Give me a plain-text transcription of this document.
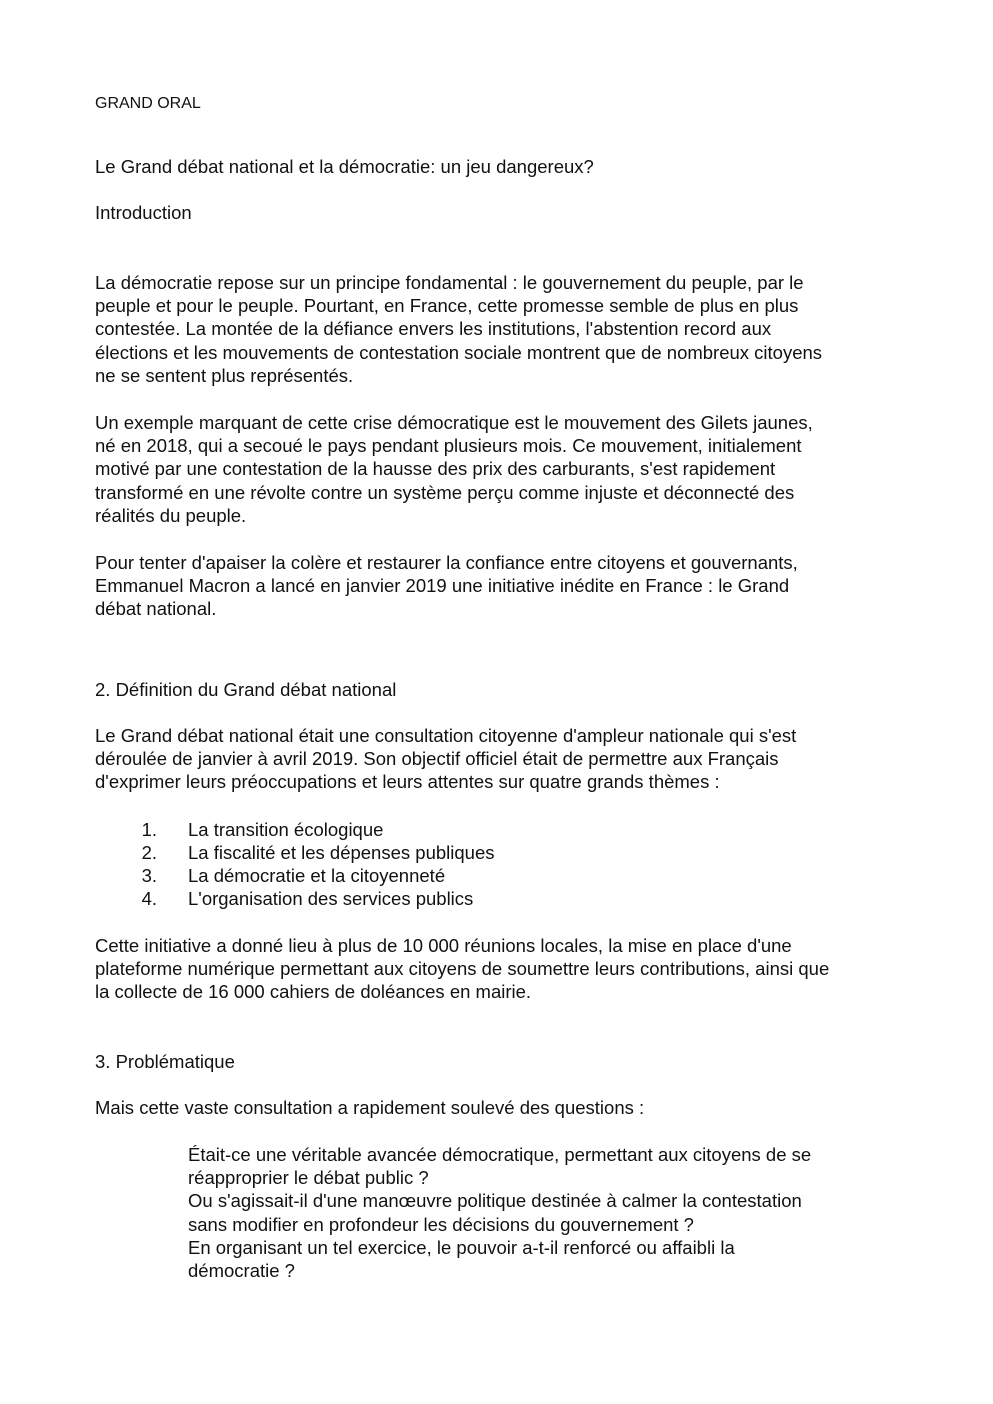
GRAND ORAL
Le Grand débat national et la démocratie: un jeu dangereux?
Introduction
La démocratie repose sur un principe fondamental : le gouvernement du peuple, par le
peuple et pour le peuple. Pourtant, en France, cette promesse semble de plus en plus
contestée. La montée de la défiance envers les institutions, l'abstention record aux
élections et les mouvements de contestation sociale montrent que de nombreux citoyens
ne se sentent plus représentés.
Un exemple marquant de cette crise démocratique est le mouvement des Gilets jaunes,
né en 2018, qui a secoué le pays pendant plusieurs mois. Ce mouvement, initialement
motivé par une contestation de la hausse des prix des carburants, s'est rapidement
transformé en une révolte contre un système perçu comme injuste et déconnecté des
réalités du peuple.
Pour tenter d'apaiser la colère et restaurer la confiance entre citoyens et gouvernants,
Emmanuel Macron a lancé en janvier 2019 une initiative inédite en France : le Grand
débat national.
2. Définition du Grand débat national
Le Grand débat national était une consultation citoyenne d'ampleur nationale qui s'est
déroulée de janvier à avril 2019. Son objectif officiel était de permettre aux Français
d'exprimer leurs préoccupations et leurs attentes sur quatre grands thèmes :
1. La transition écologique
2. La fiscalité et les dépenses publiques
3. La démocratie et la citoyenneté
4. L'organisation des services publics
Cette initiative a donné lieu à plus de 10 000 réunions locales, la mise en place d'une
plateforme numérique permettant aux citoyens de soumettre leurs contributions, ainsi que
la collecte de 16 000 cahiers de doléances en mairie.
3. Problématique
Mais cette vaste consultation a rapidement soulevé des questions :
Était-ce une véritable avancée démocratique, permettant aux citoyens de se
réapproprier le débat public ?
Ou s'agissait-il d'une manœuvre politique destinée à calmer la contestation
sans modifier en profondeur les décisions du gouvernement ?
En organisant un tel exercice, le pouvoir a-t-il renforcé ou affaibli la
démocratie ?
